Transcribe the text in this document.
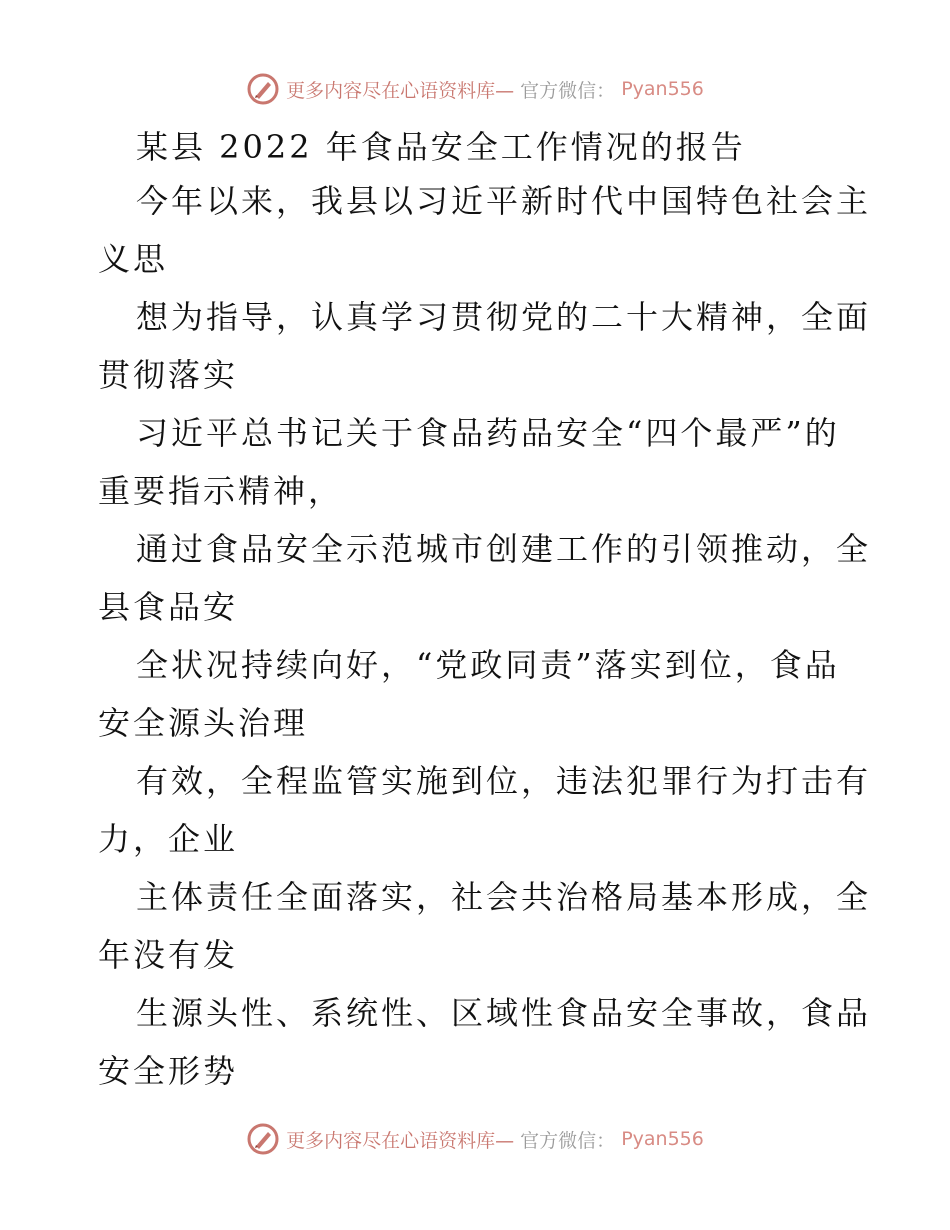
更多内容尽在心语资料库— 官方微信： Pyan556
某县 2022 年食品安全工作情况的报告
今年以来，我县以习近平新时代中国特色社会主
义思
想为指导，认真学习贯彻党的二十大精神，全面
贯彻落实
习近平总书记关于食品药品安全“四个最严”的
重要指示精神，
通过食品安全示范城市创建工作的引领推动，全
县食品安
全状况持续向好，“党政同责”落实到位，食品
安全源头治理
有效，全程监管实施到位，违法犯罪行为打击有
力，企业
主体责任全面落实，社会共治格局基本形成，全
年没有发
生源头性、系统性、区域性食品安全事故，食品
安全形势
更多内容尽在心语资料库— 官方微信： Pyan556
